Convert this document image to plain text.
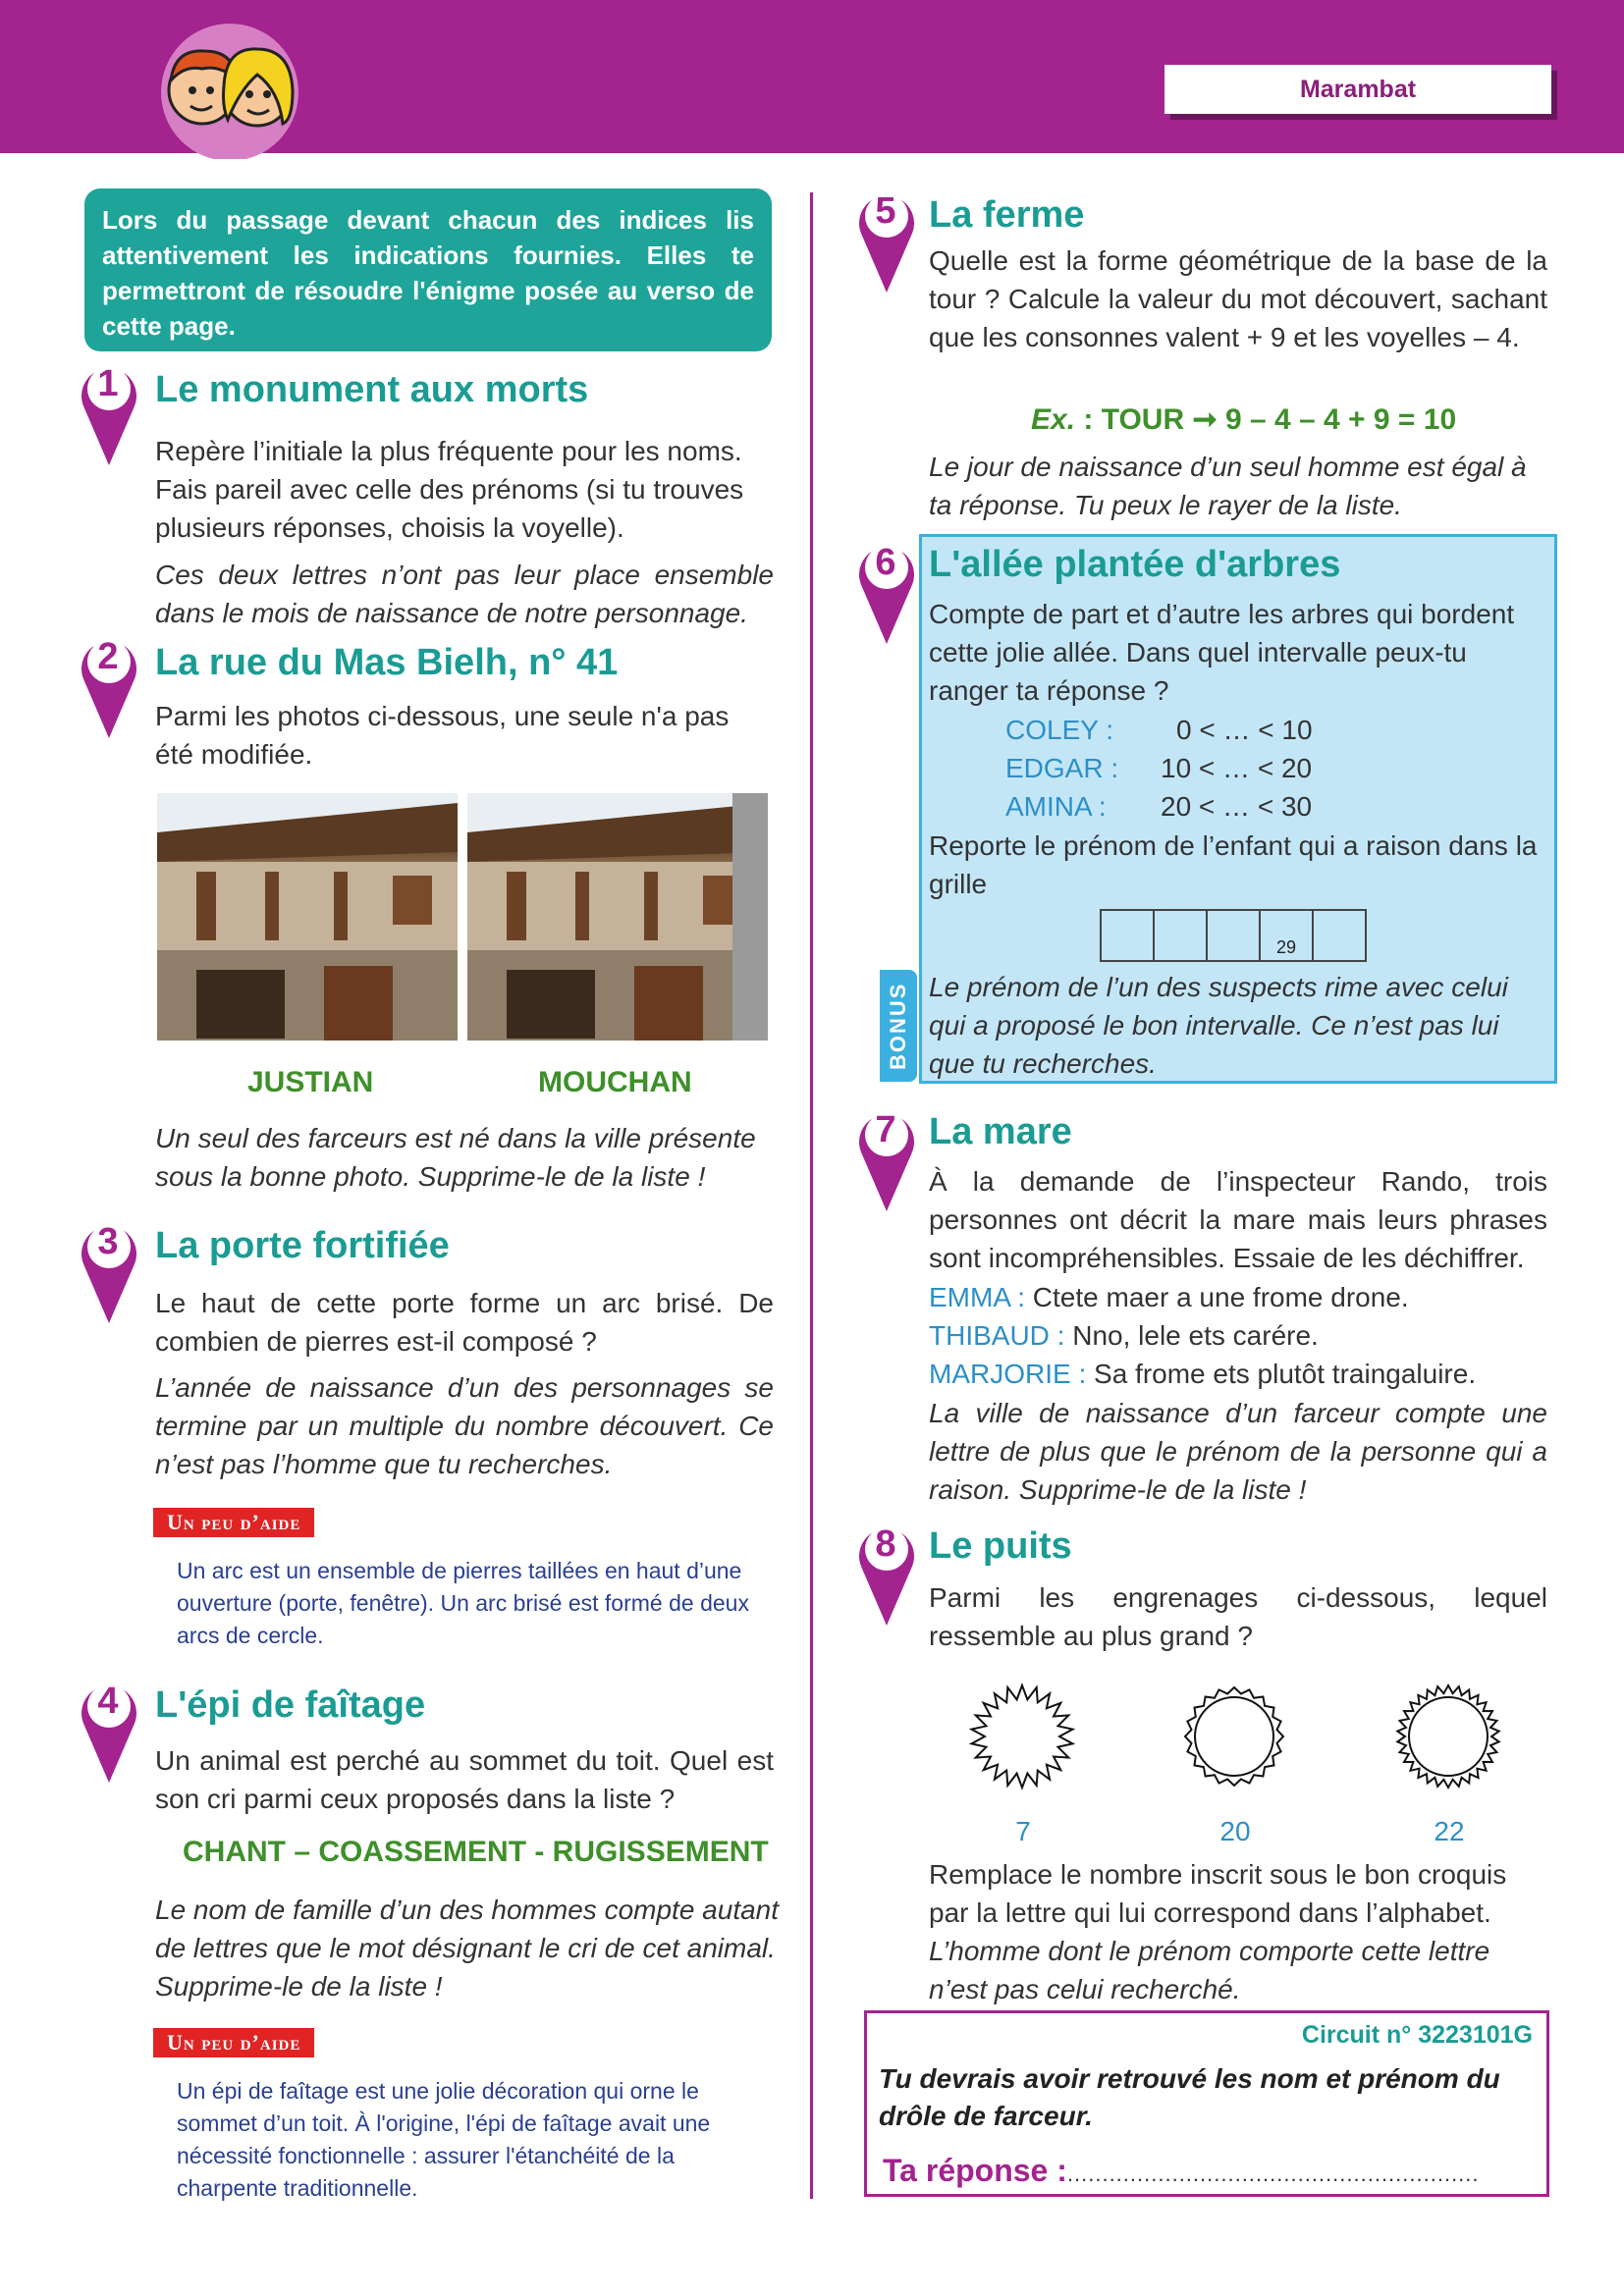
Marambat
Lors du passage devant chacun des indices lis attentivement les indications fournies. Elles te permettront de résoudre l'énigme posée au verso de cette page.
1 Le monument aux morts
Repère l’initiale la plus fréquente pour les noms. Fais pareil avec celle des prénoms (si tu trouves plusieurs réponses, choisis la voyelle).
Ces deux lettres n’ont pas leur place ensemble dans le mois de naissance de notre personnage.
2 La rue du Mas Bielh, n° 41
Parmi les photos ci-dessous, une seule n'a pas été modifiée.
JUSTIAN	MOUCHAN
Un seul des farceurs est né dans la ville présente sous la bonne photo. Supprime-le de la liste !
3 La porte fortifiée
Le haut de cette porte forme un arc brisé. De combien de pierres est-il composé ?
L’année de naissance d’un des personnages se termine par un multiple du nombre découvert. Ce n’est pas l’homme que tu recherches.
Un peu d’aide
Un arc est un ensemble de pierres taillées en haut d’une ouverture (porte, fenêtre). Un arc brisé est formé de deux arcs de cercle.
4 L'épi de faîtage
Un animal est perché au sommet du toit. Quel est son cri parmi ceux proposés dans la liste ?
CHANT – COASSEMENT - RUGISSEMENT
Le nom de famille d’un des hommes compte autant de lettres que le mot désignant le cri de cet animal. Supprime-le de la liste !
Un peu d’aide
Un épi de faîtage est une jolie décoration qui orne le sommet d’un toit. À l'origine, l'épi de faîtage avait une nécessité fonctionnelle : assurer l'étanchéité de la charpente traditionnelle.
5 La ferme
Quelle est la forme géométrique de la base de la tour ? Calcule la valeur du mot découvert, sachant que les consonnes valent + 9 et les voyelles – 4.
Ex. : TOUR ➞ 9 – 4 – 4 + 9 = 10
Le jour de naissance d’un seul homme est égal à ta réponse. Tu peux le rayer de la liste.
6 L'allée plantée d'arbres
Compte de part et d’autre les arbres qui bordent cette jolie allée. Dans quel intervalle peux-tu ranger ta réponse ?
COLEY : 0 < … < 10
EDGAR : 10 < … < 20
AMINA : 20 < … < 30
Reporte le prénom de l’enfant qui a raison dans la grille
29
BONUS Le prénom de l’un des suspects rime avec celui qui a proposé le bon intervalle. Ce n’est pas lui que tu recherches.
7 La mare
À la demande de l’inspecteur Rando, trois personnes ont décrit la mare mais leurs phrases sont incompréhensibles. Essaie de les déchiffrer.
EMMA : Ctete maer a une frome drone.
THIBAUD : Nno, lele ets carére.
MARJORIE : Sa frome ets plutôt traingaluire.
La ville de naissance d’un farceur compte une lettre de plus que le prénom de la personne qui a raison. Supprime-le de la liste !
8 Le puits
Parmi les engrenages ci-dessous, lequel ressemble au plus grand ?
7	20	22
Remplace le nombre inscrit sous le bon croquis par la lettre qui lui correspond dans l’alphabet.
L’homme dont le prénom comporte cette lettre n’est pas celui recherché.
Circuit n° 3223101G
Tu devrais avoir retrouvé les nom et prénom du drôle de farceur.
Ta réponse :...........................................................
